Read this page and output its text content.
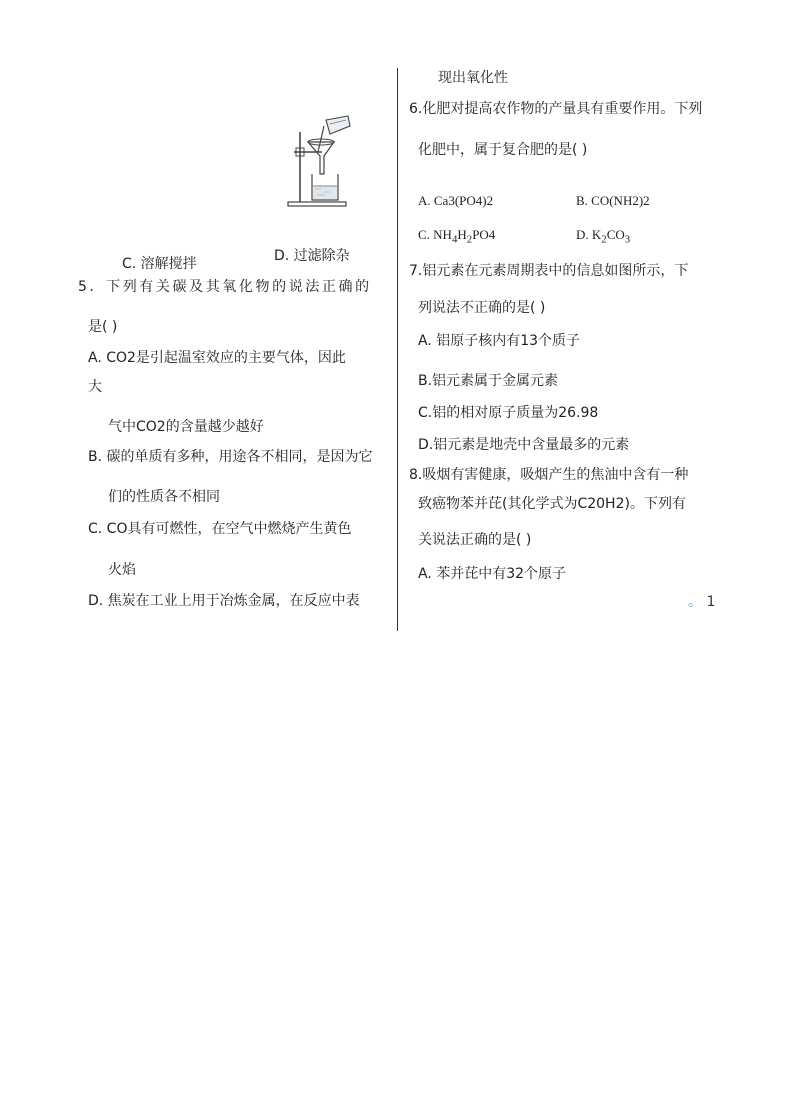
C. 溶解搅拌	D. 过滤除杂
5．下列有关碳及其氧化物的说法正确的
是( )
A. CO2是引起温室效应的主要气体，因此
大
气中CO2的含量越少越好
B. 碳的单质有多种，用途各不相同，是因为它
们的性质各不相同
C. CO具有可燃性，在空气中燃烧产生黄色
火焰
D. 焦炭在工业上用于冶炼金属，在反应中表
现出氧化性
6.化肥对提高农作物的产量具有重要作用。下列
化肥中，属于复合肥的是( )
A. Ca3(PO4)2	B. CO(NH2)2
C. $NH_4H_2PO4$	D. $K_2CO_3$
7.铝元素在元素周期表中的信息如图所示，下
列说法不正确的是( )
A. 铝原子核内有13个质子
B.铝元素属于金属元素
C.铝的相对原子质量为26.98
D.铝元素是地壳中含量最多的元素
8.吸烟有害健康，吸烟产生的焦油中含有一种
致癌物苯并芘(其化学式为C20H2)。下列有
关说法正确的是( )
A. 苯并芘中有32个原子
。 1
